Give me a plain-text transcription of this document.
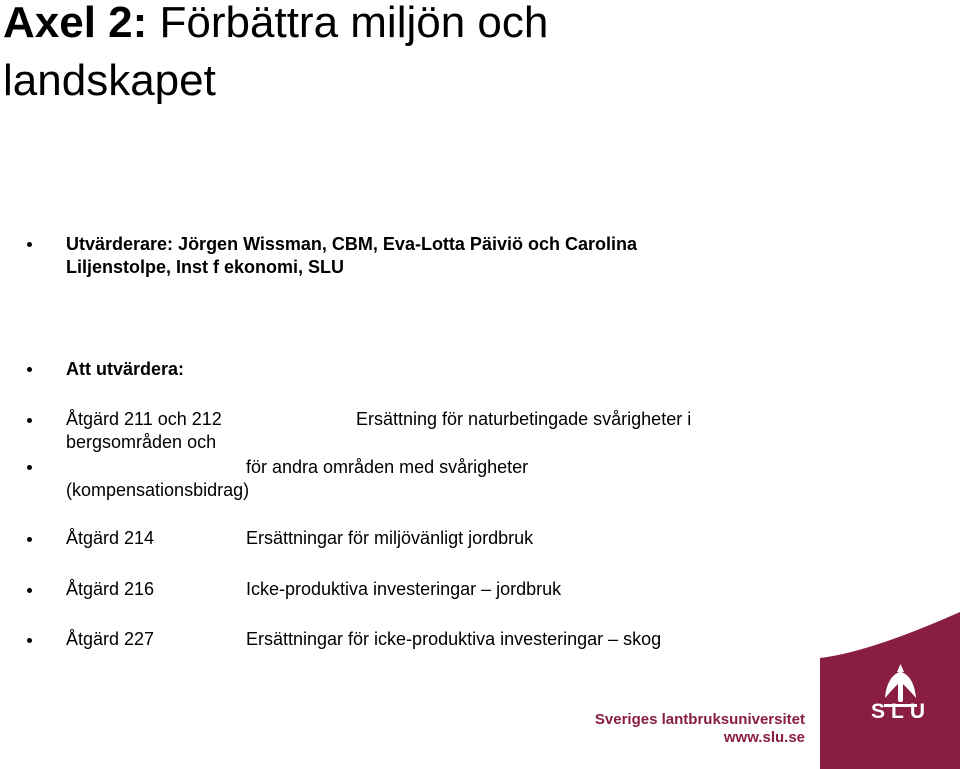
Axel 2: Förbättra miljön och
landskapet
Utvärderare: Jörgen Wissman, CBM, Eva-Lotta Päiviö och Carolina
Liljenstolpe, Inst f ekonomi, SLU
Att utvärdera:
Åtgärd 211 och 212	Ersättning för naturbetingade svårigheter i
bergsområden och
för andra områden med svårigheter
(kompensationsbidrag)
Åtgärd 214	Ersättningar för miljövänligt jordbruk
Åtgärd 216	Icke-produktiva investeringar – jordbruk
Åtgärd 227	Ersättningar för icke-produktiva investeringar – skog
SLU
Sveriges lantbruksuniversitet
www.slu.se
